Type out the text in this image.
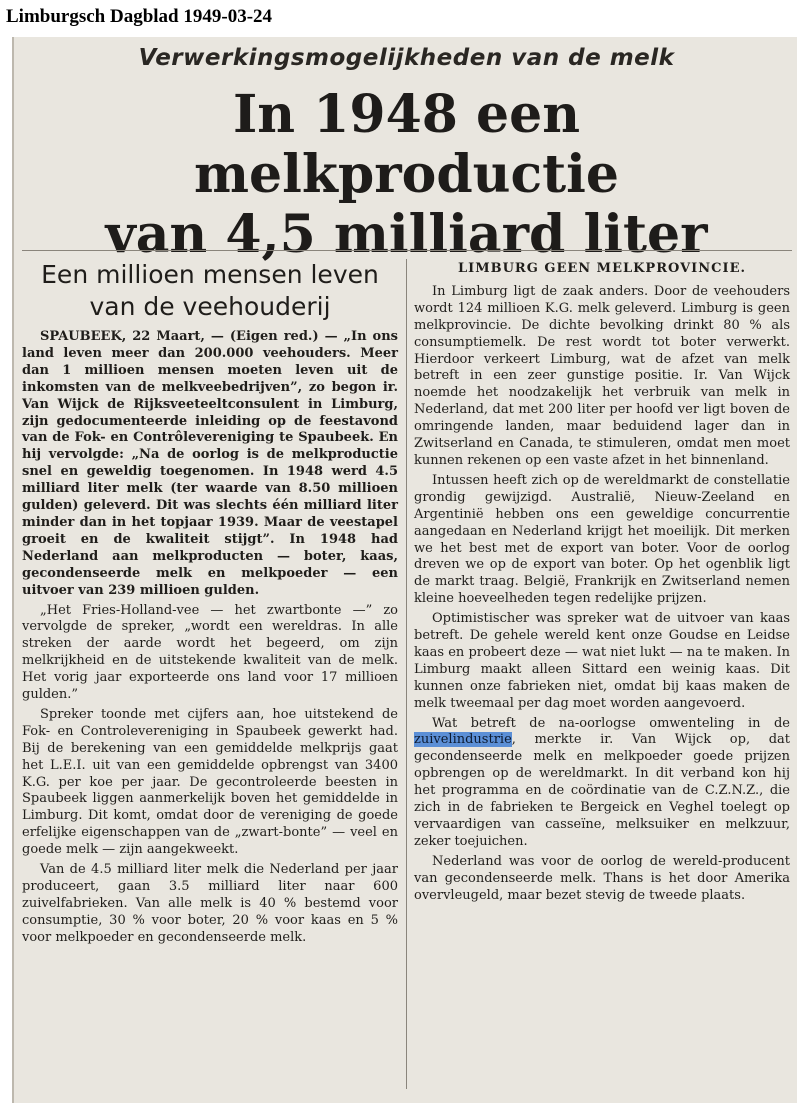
Limburgsch Dagblad 1949-03-24
Verwerkingsmogelijkheden van de melk
In 1948 een melkproductie
van 4,5 milliard liter
Een millioen mensen leven van de veehouderij

SPAUBEEK, 22 Maart, — (Eigen red.) — „In ons land leven meer dan 200.000 veehouders. Meer dan 1 millioen mensen moeten leven uit de inkomsten van de melkveebedrijven”, zo begon ir. Van Wijck de Rijksveeteeltconsulent in Limburg, zijn gedocumenteerde inleiding op de feestavond van de Fok- en Contrôlevereniging te Spaubeek. En hij vervolgde: „Na de oorlog is de melkproductie snel en geweldig toegenomen. In 1948 werd 4.5 milliard liter melk (ter waarde van 8.50 millioen gulden) geleverd. Dit was slechts één milliard liter minder dan in het topjaar 1939. Maar de veestapel groeit en de kwaliteit stijgt”. In 1948 had Nederland aan melkproducten — boter, kaas, gecondenseerde melk en melkpoeder — een uitvoer van 239 millioen gulden.

„Het Fries-Holland-vee — het zwartbonte —” zo vervolgde de spreker, „wordt een wereldras. In alle streken der aarde wordt het begeerd, om zijn melkrijkheid en de uitstekende kwaliteit van de melk. Het vorig jaar exporteerde ons land voor 17 millioen gulden.”

Spreker toonde met cijfers aan, hoe uitstekend de Fok- en Controlevereniging in Spaubeek gewerkt had. Bij de berekening van een gemiddelde melkprijs gaat het L.E.I. uit van een gemiddelde opbrengst van 3400 K.G. per koe per jaar. De gecontroleerde beesten in Spaubeek liggen aanmerkelijk boven het gemiddelde in Limburg. Dit komt, omdat door de vereniging de goede erfelijke eigenschappen van de „zwart-bonte” — veel en goede melk — zijn aangekweekt.

Van de 4.5 milliard liter melk die Nederland per jaar produceert, gaan 3.5 milliard liter naar 600 zuivelfabrieken. Van alle melk is 40 % bestemd voor consumptie, 30 % voor boter, 20 % voor kaas en 5 % voor melkpoeder en gecondenseerde melk.

LIMBURG GEEN MELKPROVINCIE.

In Limburg ligt de zaak anders. Door de veehouders wordt 124 millioen K.G. melk geleverd. Limburg is geen melkprovincie. De dichte bevolking drinkt 80 % als consumptiemelk. De rest wordt tot boter verwerkt. Hierdoor verkeert Limburg, wat de afzet van melk betreft in een zeer gunstige positie. Ir. Van Wijck noemde het noodzakelijk het verbruik van melk in Nederland, dat met 200 liter per hoofd ver ligt boven de omringende landen, maar beduidend lager dan in Zwitserland en Canada, te stimuleren, omdat men moet kunnen rekenen op een vaste afzet in het binnenland.

Intussen heeft zich op de wereldmarkt de constellatie grondig gewijzigd. Australië, Nieuw-Zeeland en Argentinië hebben ons een geweldige concurrentie aangedaan en Nederland krijgt het moeilijk. Dit merken we het best met de export van boter. Voor de oorlog dreven we op de export van boter. Op het ogenblik ligt de markt traag. België, Frankrijk en Zwitserland nemen kleine hoeveelheden tegen redelijke prijzen.

Optimistischer was spreker wat de uitvoer van kaas betreft. De gehele wereld kent onze Goudse en Leidse kaas en probeert deze — wat niet lukt — na te maken. In Limburg maakt alleen Sittard een weinig kaas. Dit kunnen onze fabrieken niet, omdat bij kaas maken de melk tweemaal per dag moet worden aangevoerd.

Wat betreft de na-oorlogse omwenteling in de zuivelindustrie, merkte ir. Van Wijck op, dat gecondenseerde melk en melkpoeder goede prijzen opbrengen op de wereldmarkt. In dit verband kon hij het programma en de coördinatie van de C.Z.N.Z., die zich in de fabrieken te Bergeick en Veghel toelegt op vervaardigen van casseïne, melksuiker en melkzuur, zeker toejuichen.

Nederland was voor de oorlog de wereld-producent van gecondenseerde melk. Thans is het door Amerika overvleugeld, maar bezet stevig de tweede plaats.
